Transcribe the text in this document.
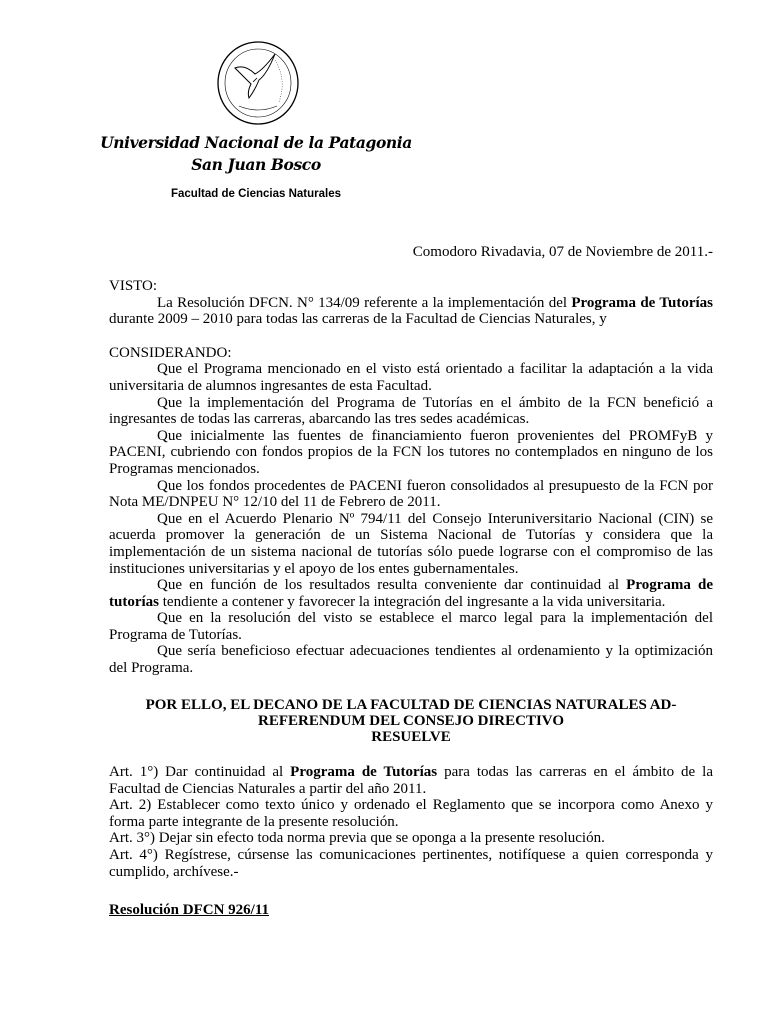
Universidad Nacional de la Patagonia
San Juan Bosco
Facultad de Ciencias Naturales
Comodoro Rivadavia, 07 de Noviembre de 2011.-

VISTO:

La Resolución DFCN. N° 134/09 referente a la implementación del Programa de Tutorías durante 2009 – 2010 para todas las carreras de la Facultad de Ciencias Naturales, y

CONSIDERANDO:

Que el Programa mencionado en el visto está orientado a facilitar la adaptación a la vida universitaria de alumnos ingresantes de esta Facultad.

Que la implementación del Programa de Tutorías en el ámbito de la FCN benefició a ingresantes de todas las carreras, abarcando las tres sedes académicas.

Que inicialmente las fuentes de financiamiento fueron provenientes del PROMFyB y PACENI, cubriendo con fondos propios de la FCN los tutores no contemplados en ninguno de los Programas mencionados.

Que los fondos procedentes de PACENI fueron consolidados al presupuesto de la FCN por Nota ME/DNPEU N° 12/10 del 11 de Febrero de 2011.

Que en el Acuerdo Plenario Nº 794/11 del Consejo Interuniversitario Nacional (CIN) se acuerda promover la generación de un Sistema Nacional de Tutorías y considera que la implementación de un sistema nacional de tutorías sólo puede lograrse con el compromiso de las instituciones universitarias y el apoyo de los entes gubernamentales.

Que en función de los resultados resulta conveniente dar continuidad al Programa de tutorías tendiente a contener y favorecer la integración del ingresante a la vida universitaria.

Que en la resolución del visto se establece el marco legal para la implementación del Programa de Tutorías.

Que sería beneficioso efectuar adecuaciones tendientes al ordenamiento y la optimización del Programa.

POR ELLO, EL DECANO DE LA FACULTAD DE CIENCIAS NATURALES AD-
REFERENDUM DEL CONSEJO DIRECTIVO
RESUELVE

Art. 1°) Dar continuidad al Programa de Tutorías para todas las carreras en el ámbito de la Facultad de Ciencias Naturales a partir del año 2011.

Art. 2) Establecer como texto único y ordenado el Reglamento que se incorpora como Anexo y forma parte integrante de la presente resolución.

Art. 3°) Dejar sin efecto toda norma previa que se oponga a la presente resolución.

Art. 4°) Regístrese, cúrsense las comunicaciones pertinentes, notifíquese a quien corresponda y cumplido, archívese.-

Resolución DFCN 926/11
